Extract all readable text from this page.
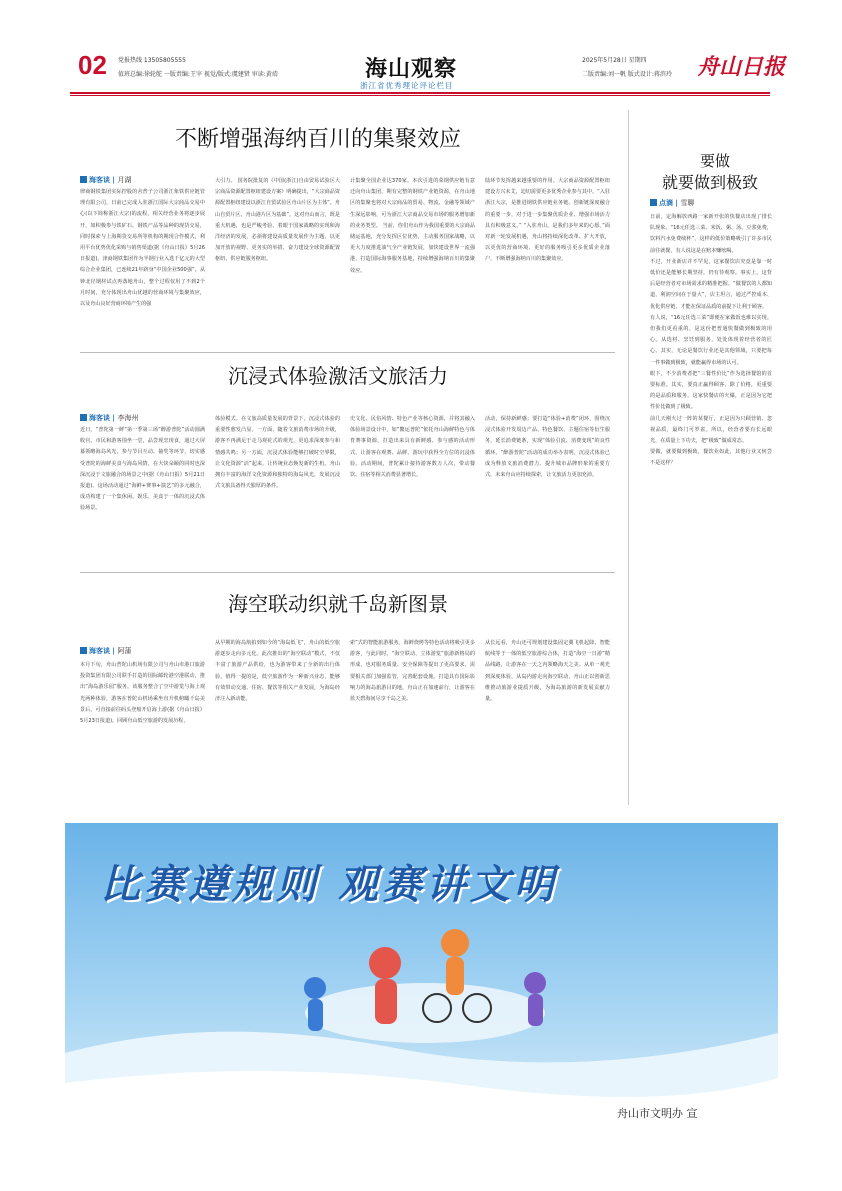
02 党报热线 13505805555
值班总编:徐轮舵 一版责编:王宰 视觉/版式:虞建贤 审读:黄靖	海山观察
浙江省优秀理论评论栏目
2025年5月28日 星期四
二版责编:刘一帆 版式设计:蒋滨玲 舟山日报
不断增强海纳百川的集聚效应
海客谈 | 月湖
律商钢铁集团实际控股的舍普子公司浙江象铁供应链管理有限公司，日前已完成入驻浙江国际大宗商品交易中心(以下简称浙江大宗)的流程，相关经营业务将逐步展开，如积极参与铁矿石、钢铁产品等品种的现货交易，同时探索与上海期货交易所等机构的期现合作模式，利用平台优势优化采购与销售渠道(据《舟山日报》5月26日报道)。津商钢铁集团作为半钢行业入选千亿元的大型综合企业集团，已连续21年跻身“中国企业500强”。从钟北径钢材试点再落地舟山，整个过程仅用了不到2个月时间，充分体现出舟山优越的营商环境与集聚效应，以及舟山良好营商环境产生的强
大引力。 国务院批复的《中国(浙江)自由贸易试验区大宗商品资源配置枢纽建设方案》明确提出，“大宗商品资源配置枢纽建设以浙江自贸试验区舟山片区为主体”。舟山自贸片区、舟山港片区为基础”。这对舟山而言，既是重大机遇，也是严峻考验。着眼于国家战略的实现和海洋经济的发展，必须将建设高质量发展作为主题，以更加开放的视野、更务实的举措，奋力建设全球资源配置枢纽、供应链服务枢纽。
计集聚全国企业达370家。本次引进的菜钢供应链有意迁向舟山集团，期有完整的钢铁产业链资源，在舟山地区的集聚也将对大宗商品的贸易、物流、金融等领域产生深远影响，可为浙江大宗商品交易市场的服务增加新的业务类型。 当前，你们舟山作为我国重要的大宗商品储运基地，充分发挥区位优势，主动服务国家战略，以更大力度推进油气全产业链发展，加快建设世界一流强港，打造国际海事服务基地，持续增强海纳百川的集聚效应。
陆环节发挥越来越重要的作用。大宗商品资源配置枢纽建设方兴未艾，迫切需要更多优秀企业参与其中。“入驻浙江大宗，是推进钢铁供应链业务链、创新链深度融合的重要一步，对于进一步集聚优质企业、增强市场活力具有积极意义。” “入驻舟山，是我们多年来的心愿。”面对新一轮发展机遇，舟山将持续深化改革、扩大开放，以更优的营商环境、更好的服务吸引更多优质企业落户，不断增强海纳百川的集聚效应。
沉浸式体验激活文旅活力
海客谈 | 李海州
近日，“普陀第一鲜”第一季第三场“醉游普陀”活动圆满收官。市民和游客围坐一堂，品尝现烹现食，通过大屏幕领略海岛风光，参与节目互动、抽奖等环节，切实感受普陀的海鲜美食与海岛风情，在大快朵颐的同时也深深沉浸于文旅融合的场景之中(据《舟山日报》5月21日报道)。这场活动通过“海鲜+赛事+演艺”的多元融合，成功构建了一个集休闲、娱乐、美食于一体的沉浸式体验场景。
体验模式。在文旅高质量发展的背景下，沉浸式体验的重要性愈发凸显。一方面，随着文旅消费市场的升级，游客不再满足于走马观花式的观光，更追求深度参与和情感共鸣；另一方面，沉浸式体验能够打破时空界限，让文化资源“活”起来，让传统业态焕发新的生机。舟山拥有丰富的海洋文化资源和独特的海岛风光，发展沉浸式文旅具备得天独厚的条件。
史文化、民俗风情、特色产业等核心资源，并将其融入体验场景设计中，如“鳌运普陀”依托舟山海鲜特色与体育赛事资源，打造出来具有新鲜感、参与感的活动形式，让游客在观赛、品鲜、游玩中获得全方位的沉浸体验。活动期间，普陀累计接待游客数万人次，带动餐饮、住宿等相关消费显著增长。
活动，保持新鲜感；要打造“体验+消费”闭环，围绕沉浸式体验开发周边产品、特色餐饮、主题住宿等衍生服务，延长消费链条，实现“体验引流、消费变现”的良性循环。“醉游普陀”活动的成功举办表明，沉浸式体验已成为释放文旅消费潜力、提升城市品牌形象的重要方式，未来舟山应持续探索，让文旅活力更加充沛。
海空联动织就千岛新图景
海客谈 | 阿蒲
本月下旬，舟山普陀山机场有限公司与舟山市港口旅游投资集团有限公司联手打造的国际邮轮港空港联动，推出“海岛游乐园”服务。该服务整合了空中游览与海上观光两种体验，游客在普陀山机场乘坐直升机俯瞰千岛美景后，可直接前往码头登船开启海上游(据《舟山日报》5月23日报道)。回顾舟山低空旅游的发展历程，
从早期的海岛航拍到如今的“海岛低飞”，舟山的低空旅游逐步走向多元化。此次推出的“海空联动”模式，不仅丰富了旅游产品供给，也为游客带来了全新的出行体验。值得一提的是，低空旅游作为一种新兴业态，能够有效带动交通、住宿、餐饮等相关产业发展，为海岛经济注入新动能。
索”式的智能旅游服务。海鲜烧烤等特色活动将吸引更多游客，与此同时，“海空联动、立体游览”旅游新格局的形成，也对服务质量、安全保障等提出了更高要求，需要相关部门加强监管，完善配套设施。打造具有国际影响力的海岛旅游目的地，舟山正在加速前行，让游客在蓝天碧海间尽享千岛之美。
从长远看，舟山还可规划建设集固定翼飞机起降、智能航线等于一体的低空旅游综合体，打造“海空一日游”精品线路，让游客在一天之内领略海天之美。从单一观光到深度体验，从岛内游走向海空联动，舟山正以创新思维推动旅游业提质升级，为海岛旅游的新发展贡献力量。
要做
就要做到极致
点滴 | 雪聊
日前，定海解放西路一家新开张的快餐店出现了排长队现象。“16元任选三菜、米饭、粥、汤、豆浆免费，饮料汽水免费续杯”，这样的低价策略吸引了许多市民前往就餐，有人说这是在赔本赚吆喝。
不过，开业新店并不罕见，这家餐饮店究竟是靠一时低价还是能够长期坚持，仍有待观察。事实上，这背后是经营者对市场需求的精准把握。“做餐饮的人都知道，利润空间在于量大”，店主坦言，通过严控成本、优化供应链，才能在保证品质的前提下让利于顾客。
有人说，“16元任选三菜”即便在家做饭也难以实现。但我们更看重的，是这份把普通快餐做到极致的用心。从选材、烹饪到服务，处处体现着经营者的匠心。其实，无论是餐饮行业还是其他领域，只要把每一件事做到极致，就能赢得市场的认可。
眼下，不少消费者把“三餐性价比”作为选择餐馆的首要标准。其实，要真正赢得顾客，除了价格，更重要的是品质和服务。这家快餐店的火爆，正是因为它把性价比做到了极致。
前几天刚火过一阵的某餐厅，正是因为只顾营销、忽视品质，最终门可罗雀。所以，经营者要有长远眼光，在质量上下功夫，把“极致”做成常态。
要做，就要做到极致，餐饮业如此，其他行业又何尝不是这样？
比赛遵规则 观赛讲文明
舟山市文明办 宣
